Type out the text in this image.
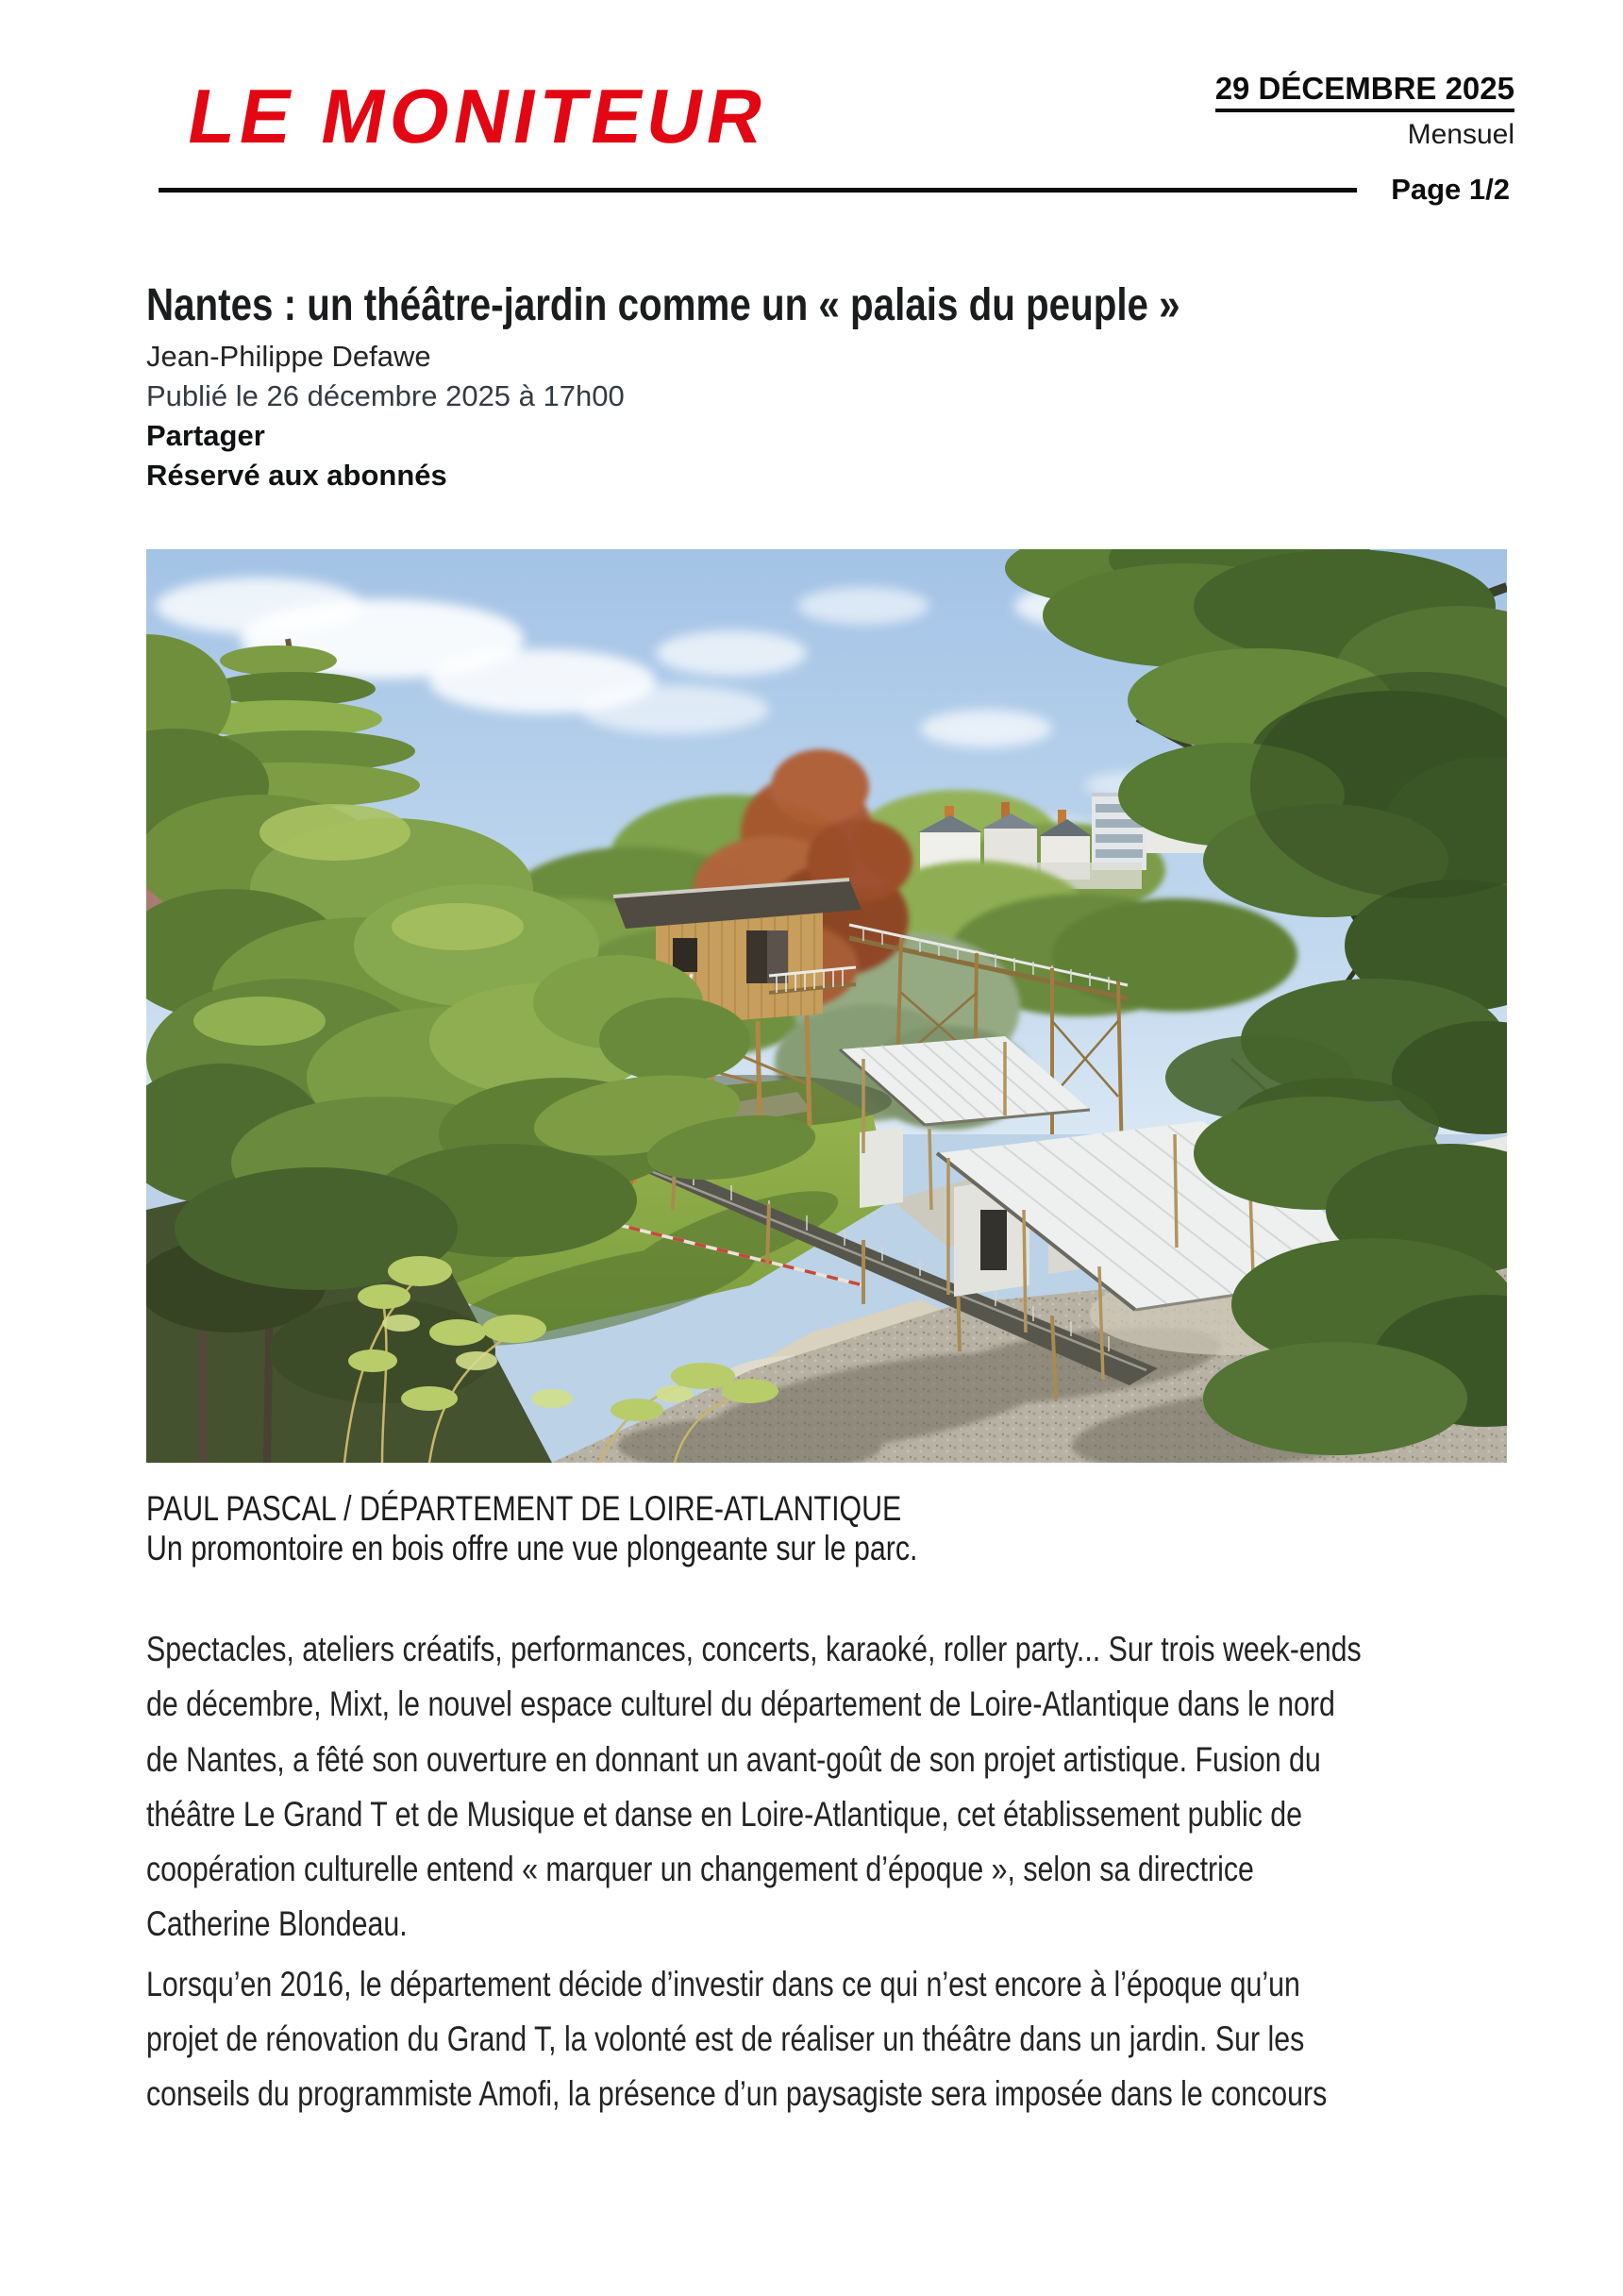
LE MONITEUR	29 DÉCEMBRE 2025
Mensuel
Page 1/2
Nantes : un théâtre-jardin comme un « palais du peuple »
Jean-Philippe Defawe
Publié le 26 décembre 2025 à 17h00
Partager
Réservé aux abonnés
PAUL PASCAL / DÉPARTEMENT DE LOIRE-ATLANTIQUE
Un promontoire en bois offre une vue plongeante sur le parc.
Spectacles, ateliers créatifs, performances, concerts, karaoké, roller party... Sur trois week-ends
de décembre, Mixt, le nouvel espace culturel du département de Loire-Atlantique dans le nord
de Nantes, a fêté son ouverture en donnant un avant-goût de son projet artistique. Fusion du
théâtre Le Grand T et de Musique et danse en Loire-Atlantique, cet établissement public de
coopération culturelle entend « marquer un changement d’époque », selon sa directrice
Catherine Blondeau.
Lorsqu’en 2016, le département décide d’investir dans ce qui n’est encore à l’époque qu’un
projet de rénovation du Grand T, la volonté est de réaliser un théâtre dans un jardin. Sur les
conseils du programmiste Amofi, la présence d’un paysagiste sera imposée dans le concours
